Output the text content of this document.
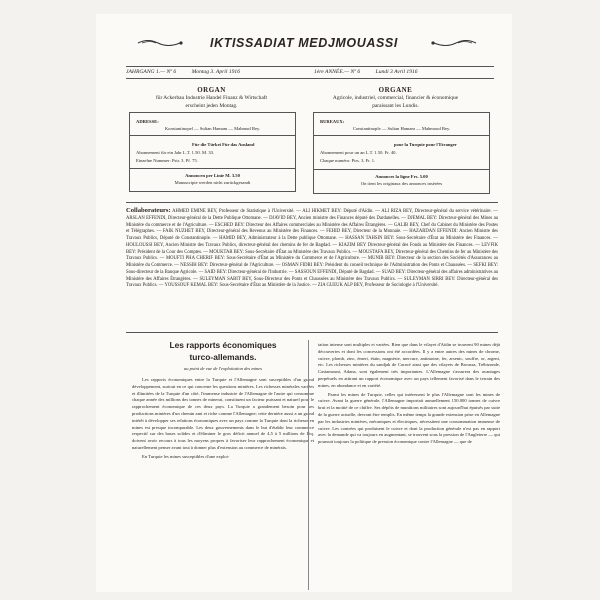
IKTISSADIAT MEDJMOUASSI
JAHRGANG 1.— Nº 6	Montag 3. April 1916	1ère ANNÉE.— Nº 6	Lundi 3 Avril 1916
ORGAN
für Ackerbau Industrie Handel Finanz & Wirtschaft
erscheint jeden Montag.
ORGANE
Agricole, industriel, commercial, financier & économique
paraissant les Lundis.
ADRESSE:
Konstantinopel — Sultan Hamam — Mahmud Bey.
Für die Türkei Für das Ausland
Abonnement für ein Jahr L.T. 1.50. M. 33.
Einzelne Nummer: Pstr. 3. Pf. 75.
Annoncen per Linie M. 3.50
Manuscripte werden nicht zurückgesandt
BUREAUX:
Constantinople — Sultan Hamam — Mahmoud Bey.
pour la Turquie pour l'Etranger
Abonnement pour un an L.T. 1.50. Fr. 40.
Chaque numéro: Ptrs. 3. Fr. 1.
Annonces la ligne Frs. 5.00
On tient les originaux des annonces insérées
Collaborateurs: AHMED EMINE BEY, Professeur de Statistique à l'Université. — ALI HIKMET BEY: Député d'Aïdin. — ALI RIZA BEY, Directeur-général du service vétérinaire. — ARSLAN EFFENDI, Directeur-général de la Dette Publique Ottomane. — DJAVID BEY, Ancien ministre des Finances député des Dardanelles. — DJEMAL BEY: Directeur-général des Mines au Ministère du commerce et de l'Agriculture. — ESCHED BEY: Directeur des Affaires commerciales au Ministère des Affaires Étrangères. — GALIB BEY, Chef du Cabinet du Ministère des Postes et Télégraphes. — FAIK NUZHET BEY, Directeur-général des Revenus au Ministère des Finances. — FEHID BEY, Directeur de la Monnaie. — HAZARDAN EFFENDI: Ancien Ministre des Travaux Publics, Député de Constantinople. — HAMID BEY, Administrateur à la Dette publique Ottomane. — HASSAN TAHSIN BEY: Sous-Secrétaire d'État au Ministère des Finances. — HOULOUSSI BEY, Ancien Ministre des Travaux Publics, directeur-général des chemins de fer de Bagdad. — KIAZIM BEY Directeur-général des Fonds au Ministère des Finances. — LEVFIK BEY: Président de la Cour des Comptes. — MOUKTAR BEY: Sous-Secrétaire d'État au Ministère des Travaux Publics. — MOUSTAFA BEY, Directeur-général des Chemins de fer au Ministère des Travaux Publics. — MOUFTI PHA CHERIF BEY: Sous-Secrétaire d'État au Ministère du Commerce et de l'Agriculture. — MUNIB BEY: Directeur de la section des Sociétés d'Assurances au Ministère du Commerce. — NESSIH BEY: Directeur-général de l'Agriculture. — OSMAN FIDRI BEY: Président du conseil technique de l'Administration des Ponts et Chaussées. — SEFKI BEY: Sous-directeur de la Banque Agricole. — SAID BEY: Directeur-général de l'Industrie. — SASSOUN EFFENDI, Député de Bagdad. — SUAD BEY: Directeur-général des affaires administratives au Ministère des Affaires Étrangères. — SULEYMAN SABIT BEY, Sous-Directeur des Ponts et Chaussées au Ministère des Travaux Publics. — SULEYMAN SIRRI BEY: Directeur-général des Travaux Publics. — YOUSSOUF KEMAL BEY: Sous-Secrétaire d'État au Ministère de la Justice. — ZIA GUEUK ALP BEY, Professeur de Sociologie à l'Université.
Les rapports économiques
turco-allemands.
au point de vue de l'exploitation des mines
Les rapports économiques entre la Turquie et l'Allemagne sont susceptibles d'un grand développement, surtout en ce qui concerne les questions minières. Les richesses minérales variées et illimitées de la Turquie d'un côté, l'immense industrie de l'Allemagne de l'autre qui consomme chaque année des millions des tonnes de minerai, constituent un facteur puissant et naturel pour le rapprochement économique de ces deux pays. La Turquie a grandement besoin pour ses productions minières d'un chemin ami et riche comme l'Allemagne; cette dernière aussi a un grand intérêt à développer ses relations économiques avec un pays comme la Turquie dont la richesse en mines est presque incomparable. Les deux gouvernements dans le but d'établir leur commerce respectif sur des bases solides et d'éliminer le gros déficit annuel de 4,5 à 5 millions de Ltq. doivent avoir recours à tous les moyens propres à favoriser leur rapprochement économique et naturellement penser avant tout à donner plus d'extension au commerce de minérais.
En Turquie les mines susceptibles d'une exploi-
tation intense sont multiples et variées. Rien que dans le vilayet d'Aïdin se trouvent 90 mines déjà découvertes et dont les concessions ont été accordées. Il y a entre autres des mines de chrome, cuivre, plomb, zinc, émeri, étain, magnésie, mercure, antimoine, fer, arsenic, souffre, or, argent, etc. Les richesses minières du sandjak de Caracé ainsi que des vilayets de Broussa, Trébizonde, Castamouni, Adana, sont également très importantes. L'Allemagne s'assurera des avantages perpétuels en attirant un rapport économique avec un pays tellement favorisé dans le terrain des mines, en abondance et en variété.
Parmi les mines de Turquie, celles qui intéressent le plus l'Allemagne sont les mines de cuivre. Avant la guerre générale, l'Allemagne importait annuellement 150.000 tonnes de cuivre brut et la moitié de ce chiffre. Ses dépôts de munitions militaires sont aujourd'hui épuisés par suite de la guerre actuelle, devront être remplis. En même temps la grande extension prise en Allemagne par les industries minières, mécaniques et électriques, nécessitent une consommation immense de cuivre. Les contrées qui produisent le cuivre et dont la production générale n'est pas en rapport avec la demande qui va toujours en augmentant, se trouvent sous la pression de l'Angleterre — qui poursuit toujours la politique de pression économique contre l'Allemagne — que de
